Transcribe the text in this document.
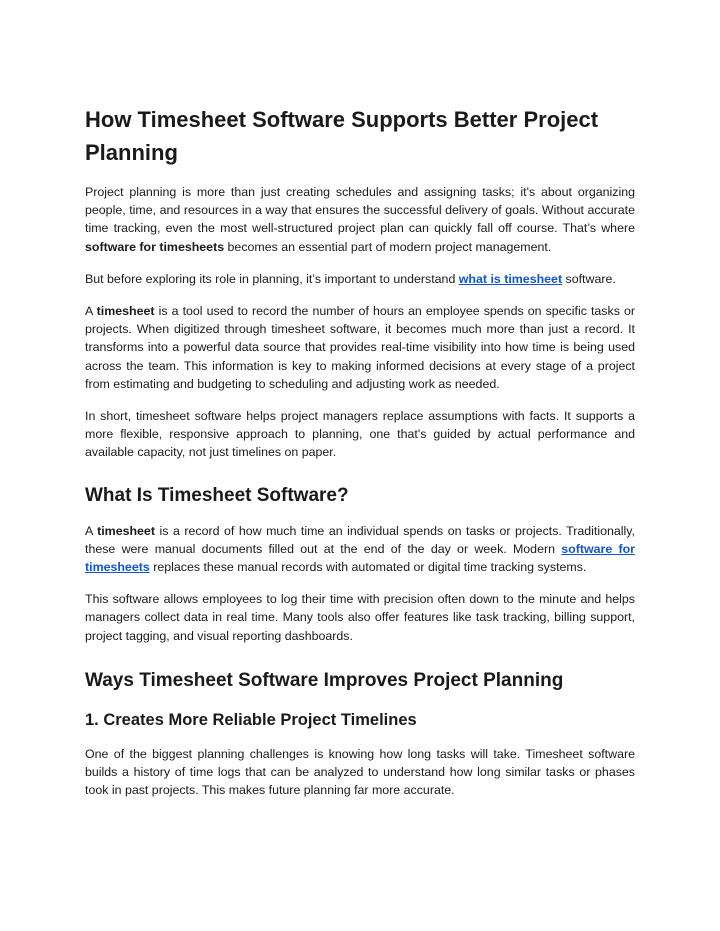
How Timesheet Software Supports Better Project Planning

Project planning is more than just creating schedules and assigning tasks; it's about organizing people, time, and resources in a way that ensures the successful delivery of goals. Without accurate time tracking, even the most well-structured project plan can quickly fall off course. That’s where software for timesheets becomes an essential part of modern project management.

But before exploring its role in planning, it’s important to understand what is timesheet software.

A timesheet is a tool used to record the number of hours an employee spends on specific tasks or projects. When digitized through timesheet software, it becomes much more than just a record. It transforms into a powerful data source that provides real-time visibility into how time is being used across the team. This information is key to making informed decisions at every stage of a project from estimating and budgeting to scheduling and adjusting work as needed.

In short, timesheet software helps project managers replace assumptions with facts. It supports a more flexible, responsive approach to planning, one that's guided by actual performance and available capacity, not just timelines on paper.

What Is Timesheet Software?

A timesheet is a record of how much time an individual spends on tasks or projects. Traditionally, these were manual documents filled out at the end of the day or week. Modern software for timesheets replaces these manual records with automated or digital time tracking systems.

This software allows employees to log their time with precision often down to the minute and helps managers collect data in real time. Many tools also offer features like task tracking, billing support, project tagging, and visual reporting dashboards.

Ways Timesheet Software Improves Project Planning
1. Creates More Reliable Project Timelines

One of the biggest planning challenges is knowing how long tasks will take. Timesheet software builds a history of time logs that can be analyzed to understand how long similar tasks or phases took in past projects. This makes future planning far more accurate.
